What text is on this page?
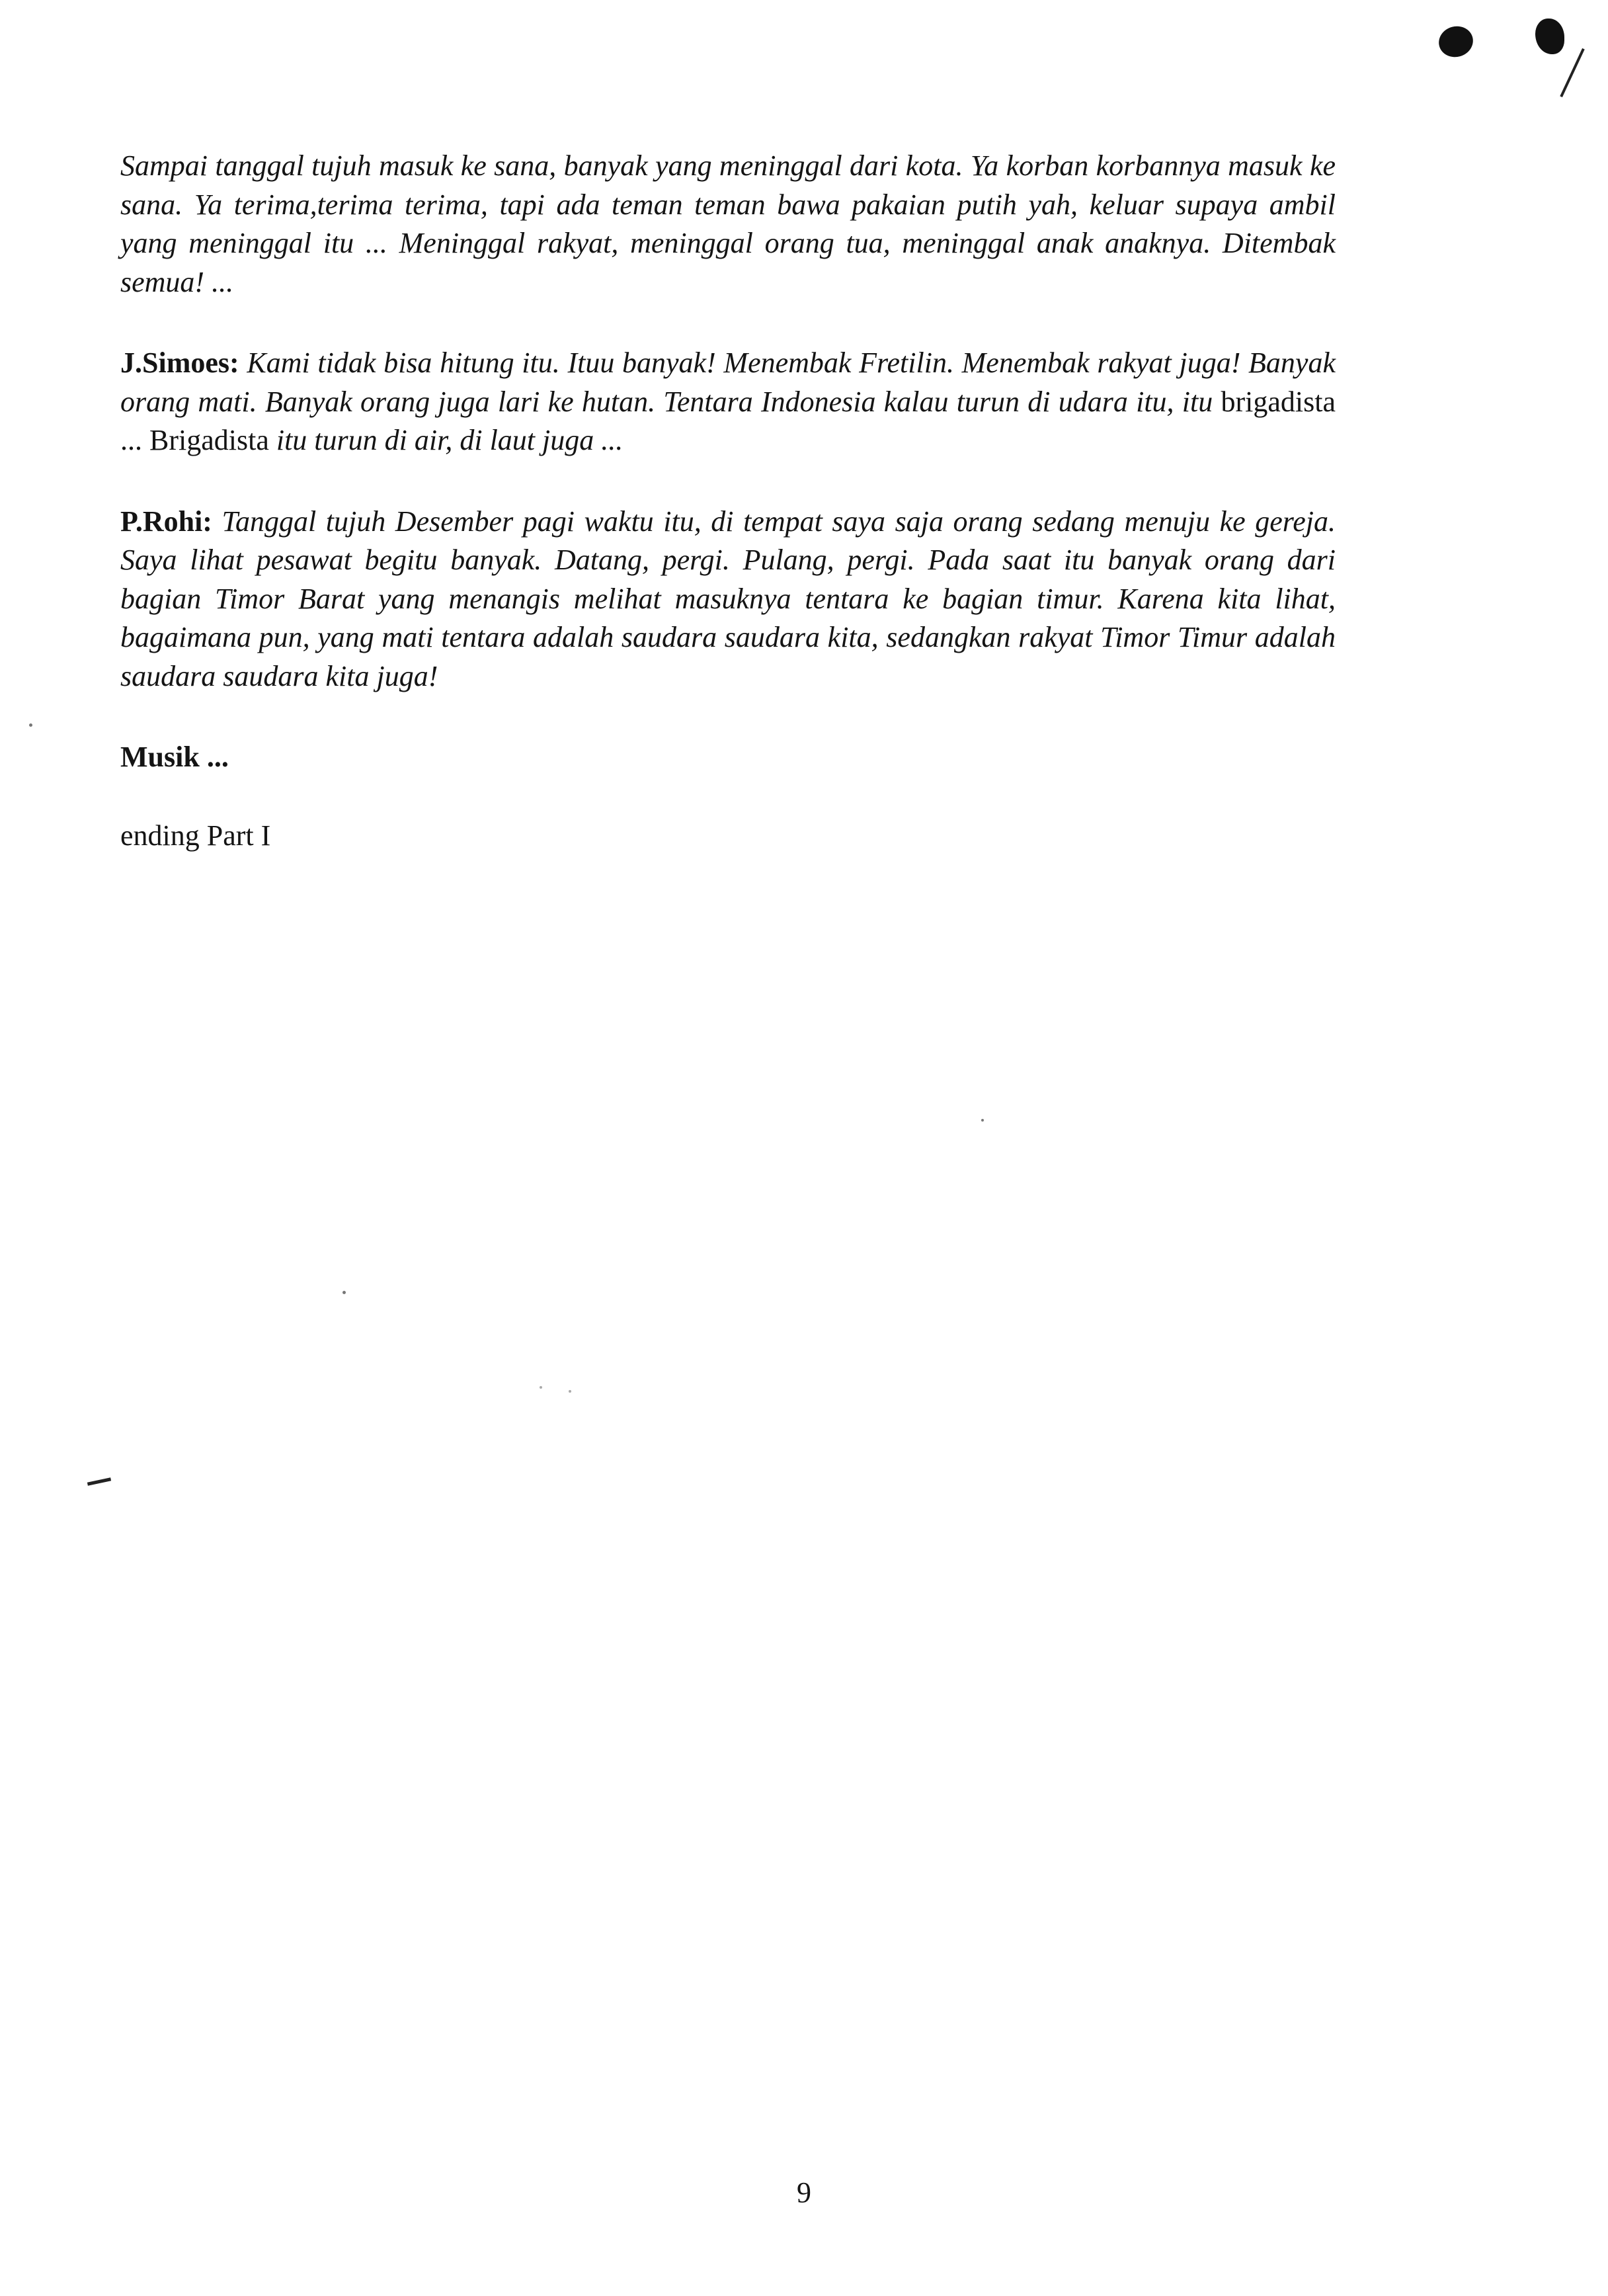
Sampai tanggal tujuh masuk ke sana, banyak yang meninggal dari kota. Ya korban korbannya masuk ke sana. Ya terima,terima terima, tapi ada teman teman bawa pakaian putih yah, keluar supaya ambil yang meninggal itu ... Meninggal rakyat, meninggal orang tua, meninggal anak anaknya. Ditembak semua! ...

J.Simoes: Kami tidak bisa hitung itu. Ituu banyak! Menembak Fretilin. Menembak rakyat juga! Banyak orang mati. Banyak orang juga lari ke hutan. Tentara Indonesia kalau turun di udara itu, itu brigadista ... Brigadista itu turun di air, di laut juga ...

P.Rohi: Tanggal tujuh Desember pagi waktu itu, di tempat saya saja orang sedang menuju ke gereja. Saya lihat pesawat begitu banyak. Datang, pergi. Pulang, pergi. Pada saat itu banyak orang dari bagian Timor Barat yang menangis melihat masuknya tentara ke bagian timur. Karena kita lihat, bagaimana pun, yang mati tentara adalah saudara saudara kita, sedangkan rakyat Timor Timur adalah saudara saudara kita juga!

Musik ...

ending Part I

9
